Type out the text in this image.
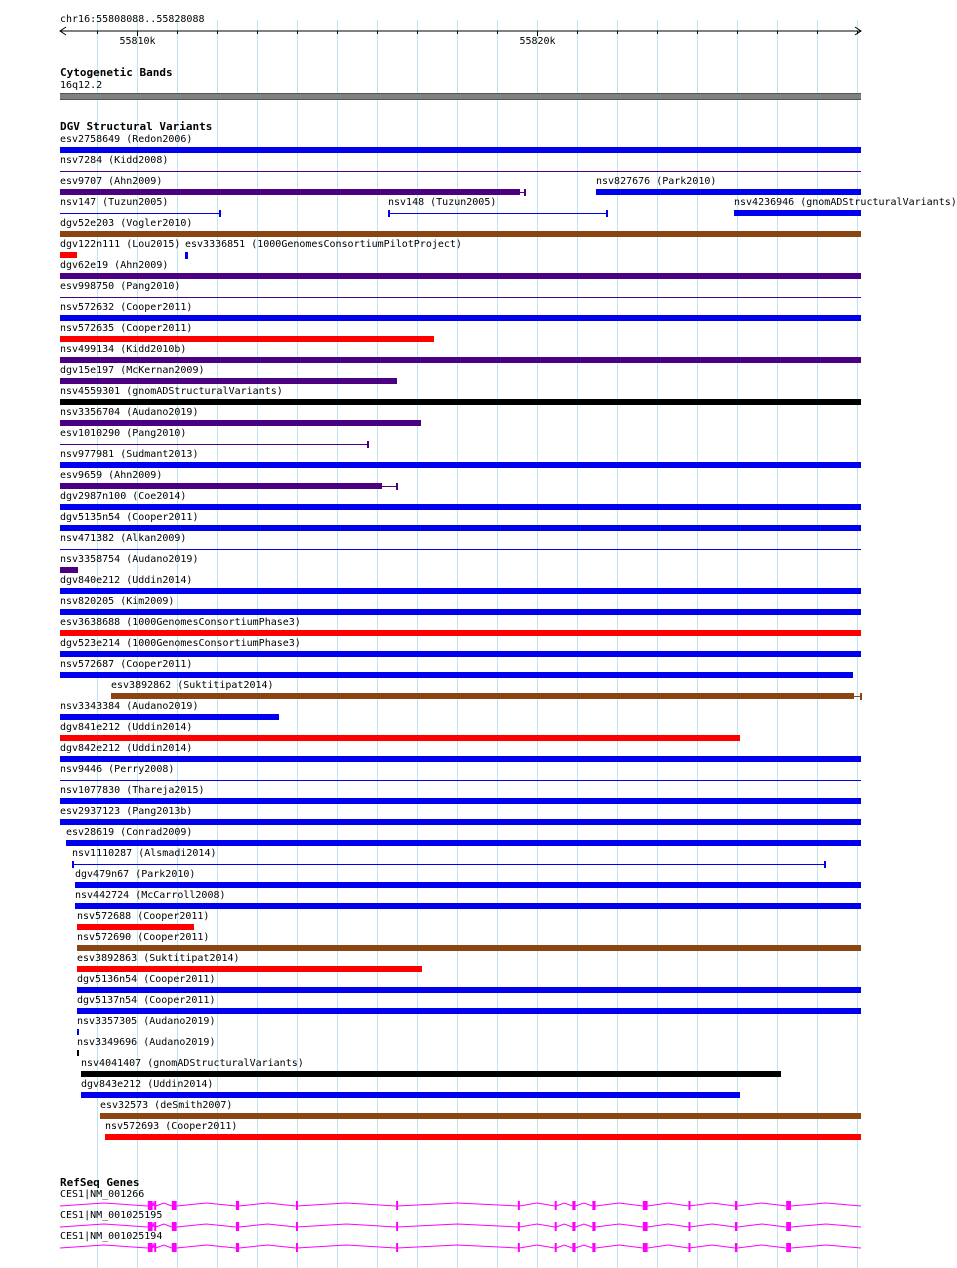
chr16:55808088..55828088
55810k	55820k
Cytogenetic Bands
DGV Structural Variants
RefSeq Genes
16q12.2
esv2758649 (Redon2006)
nsv7284 (Kidd2008)
esv9707 (Ahn2009)	nsv827676 (Park2010)
nsv147 (Tuzun2005)	nsv148 (Tuzun2005)	nsv4236946 (gnomADStructuralVariants)
dgv52e203 (Vogler2010)
dgv122n111 (Lou2015) esv3336851 (1000GenomesConsortiumPilotProject)
dgv62e19 (Ahn2009)
esv998750 (Pang2010)
nsv572632 (Cooper2011)
nsv572635 (Cooper2011)
nsv499134 (Kidd2010b)
dgv15e197 (McKernan2009)
nsv4559301 (gnomADStructuralVariants)
nsv3356704 (Audano2019)
esv1010290 (Pang2010)
nsv977981 (Sudmant2013)
esv9659 (Ahn2009)
dgv2987n100 (Coe2014)
dgv5135n54 (Cooper2011)
nsv471382 (Alkan2009)
nsv3358754 (Audano2019)
dgv840e212 (Uddin2014)
nsv820205 (Kim2009)
esv3638688 (1000GenomesConsortiumPhase3)
dgv523e214 (1000GenomesConsortiumPhase3)
nsv572687 (Cooper2011)
esv3892862 (Suktitipat2014)
nsv3343384 (Audano2019)
dgv841e212 (Uddin2014)
dgv842e212 (Uddin2014)
nsv9446 (Perry2008)
nsv1077830 (Thareja2015)
esv2937123 (Pang2013b)
esv28619 (Conrad2009)
nsv1110287 (Alsmadi2014)
dgv479n67 (Park2010)
nsv442724 (McCarroll2008)
nsv572688 (Cooper2011)
nsv572690 (Cooper2011)
esv3892863 (Suktitipat2014)
dgv5136n54 (Cooper2011)
dgv5137n54 (Cooper2011)
nsv3357305 (Audano2019)
nsv3349696 (Audano2019)
nsv4041407 (gnomADStructuralVariants)
dgv843e212 (Uddin2014)
esv32573 (deSmith2007)
nsv572693 (Cooper2011)
CES1|NM_001266
CES1|NM_001025195
CES1|NM_001025194
